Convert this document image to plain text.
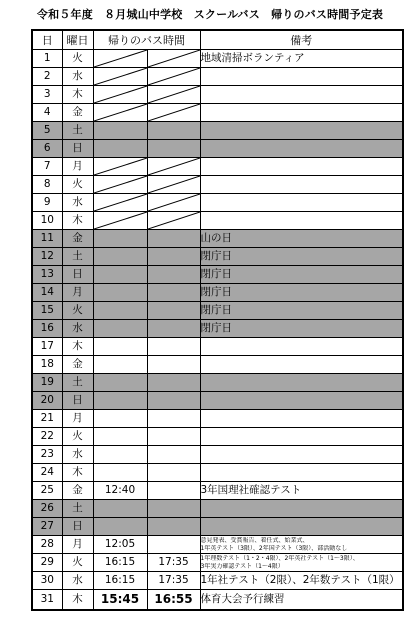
令和５年度　８月城山中学校　スクールバス　帰りのバス時間予定表
日	曜日	帰りのバス時間		備考
1	火			地域清掃ボランティア
2	水	

3	木	

4	金	

5	土			
6	日			
7	月	

8	火	

9	水	

10	木	

11	金			山の日
12	土			閉庁日
13	日			閉庁日
14	月			閉庁日
15	火			閉庁日
16	水			閉庁日
17	木			
18	金			
19	土			
20	日			
21	月			
22	火			
23	水			
24	木			
25	金	12:40		3年国理社確認テスト
26	土			
27	日			
28	月	12:05		意見発表、受賞報告、着任式、始業式、
1年英テスト（3限）、2年国テスト（3限）、部活動なし

29	火	16:15	17:35	1年理数テスト（1・2・4限）、2年英社テスト（1〜3限）、
3年実力確認テスト（1〜4限）

30	水	16:15	17:35	1年社テスト（2限）、2年数テスト（1限）
31	木	15:45	16:55	体育大会予行練習
